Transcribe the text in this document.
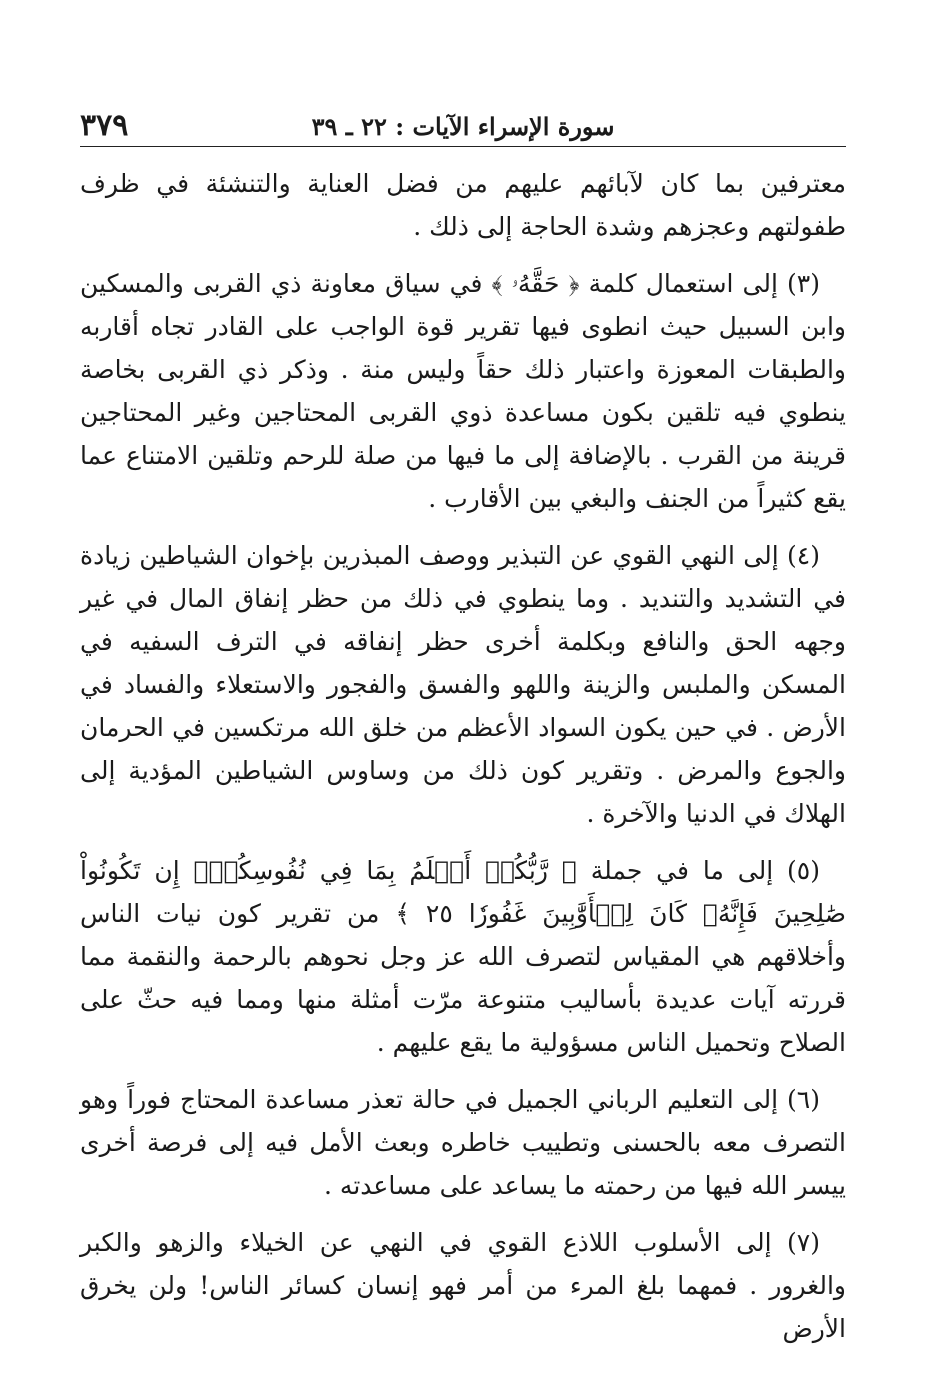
سورة الإسراء الآيات : ٢٢ ـ ٣٩
٣٧٩

معترفين بما كان لآبائهم عليهم من فضل العناية والتنشئة في ظرف طفولتهم وعجزهم وشدة الحاجة إلى ذلك .

(٣) إلى استعمال كلمة ﴿ حَقَّهُۥ ﴾ في سياق معاونة ذي القربى والمسكين وابن السبيل حيث انطوى فيها تقرير قوة الواجب على القادر تجاه أقاربه والطبقات المعوزة واعتبار ذلك حقاً وليس منة . وذكر ذي القربى بخاصة ينطوي فيه تلقين بكون مساعدة ذوي القربى المحتاجين وغير المحتاجين قرينة من القرب . بالإضافة إلى ما فيها من صلة للرحم وتلقين الامتناع عما يقع كثيراً من الجنف والبغي بين الأقارب .

(٤) إلى النهي القوي عن التبذير ووصف المبذرين بإخوان الشياطين زيادة في التشديد والتنديد . وما ينطوي في ذلك من حظر إنفاق المال في غير وجهه الحق والنافع وبكلمة أخرى حظر إنفاقه في الترف السفيه في المسكن والملبس والزينة واللهو والفسق والفجور والاستعلاء والفساد في الأرض . في حين يكون السواد الأعظم من خلق الله مرتكسين في الحرمان والجوع والمرض . وتقرير كون ذلك من وساوس الشياطين المؤدية إلى الهلاك في الدنيا والآخرة .

(٥) إلى ما في جملة ﴿ رَّبُّكُمۡ أَعۡلَمُ بِمَا فِي نُفُوسِكُمۡۚ إِن تَكُونُواْ صَٰلِحِينَ فَإِنَّهُۥ كَانَ لِلۡأَوَّٰبِينَ غَفُورٗا ٢٥ ﴾ من تقرير كون نيات الناس وأخلاقهم هي المقياس لتصرف الله عز وجل نحوهم بالرحمة والنقمة مما قررته آيات عديدة بأساليب متنوعة مرّت أمثلة منها ومما فيه حثّ على الصلاح وتحميل الناس مسؤولية ما يقع عليهم .

(٦) إلى التعليم الرباني الجميل في حالة تعذر مساعدة المحتاج فوراً وهو التصرف معه بالحسنى وتطييب خاطره وبعث الأمل فيه إلى فرصة أخرى ييسر الله فيها من رحمته ما يساعد على مساعدته .

(٧) إلى الأسلوب اللاذع القوي في النهي عن الخيلاء والزهو والكبر والغرور . فمهما بلغ المرء من أمر فهو إنسان كسائر الناس! ولن يخرق الأرض
